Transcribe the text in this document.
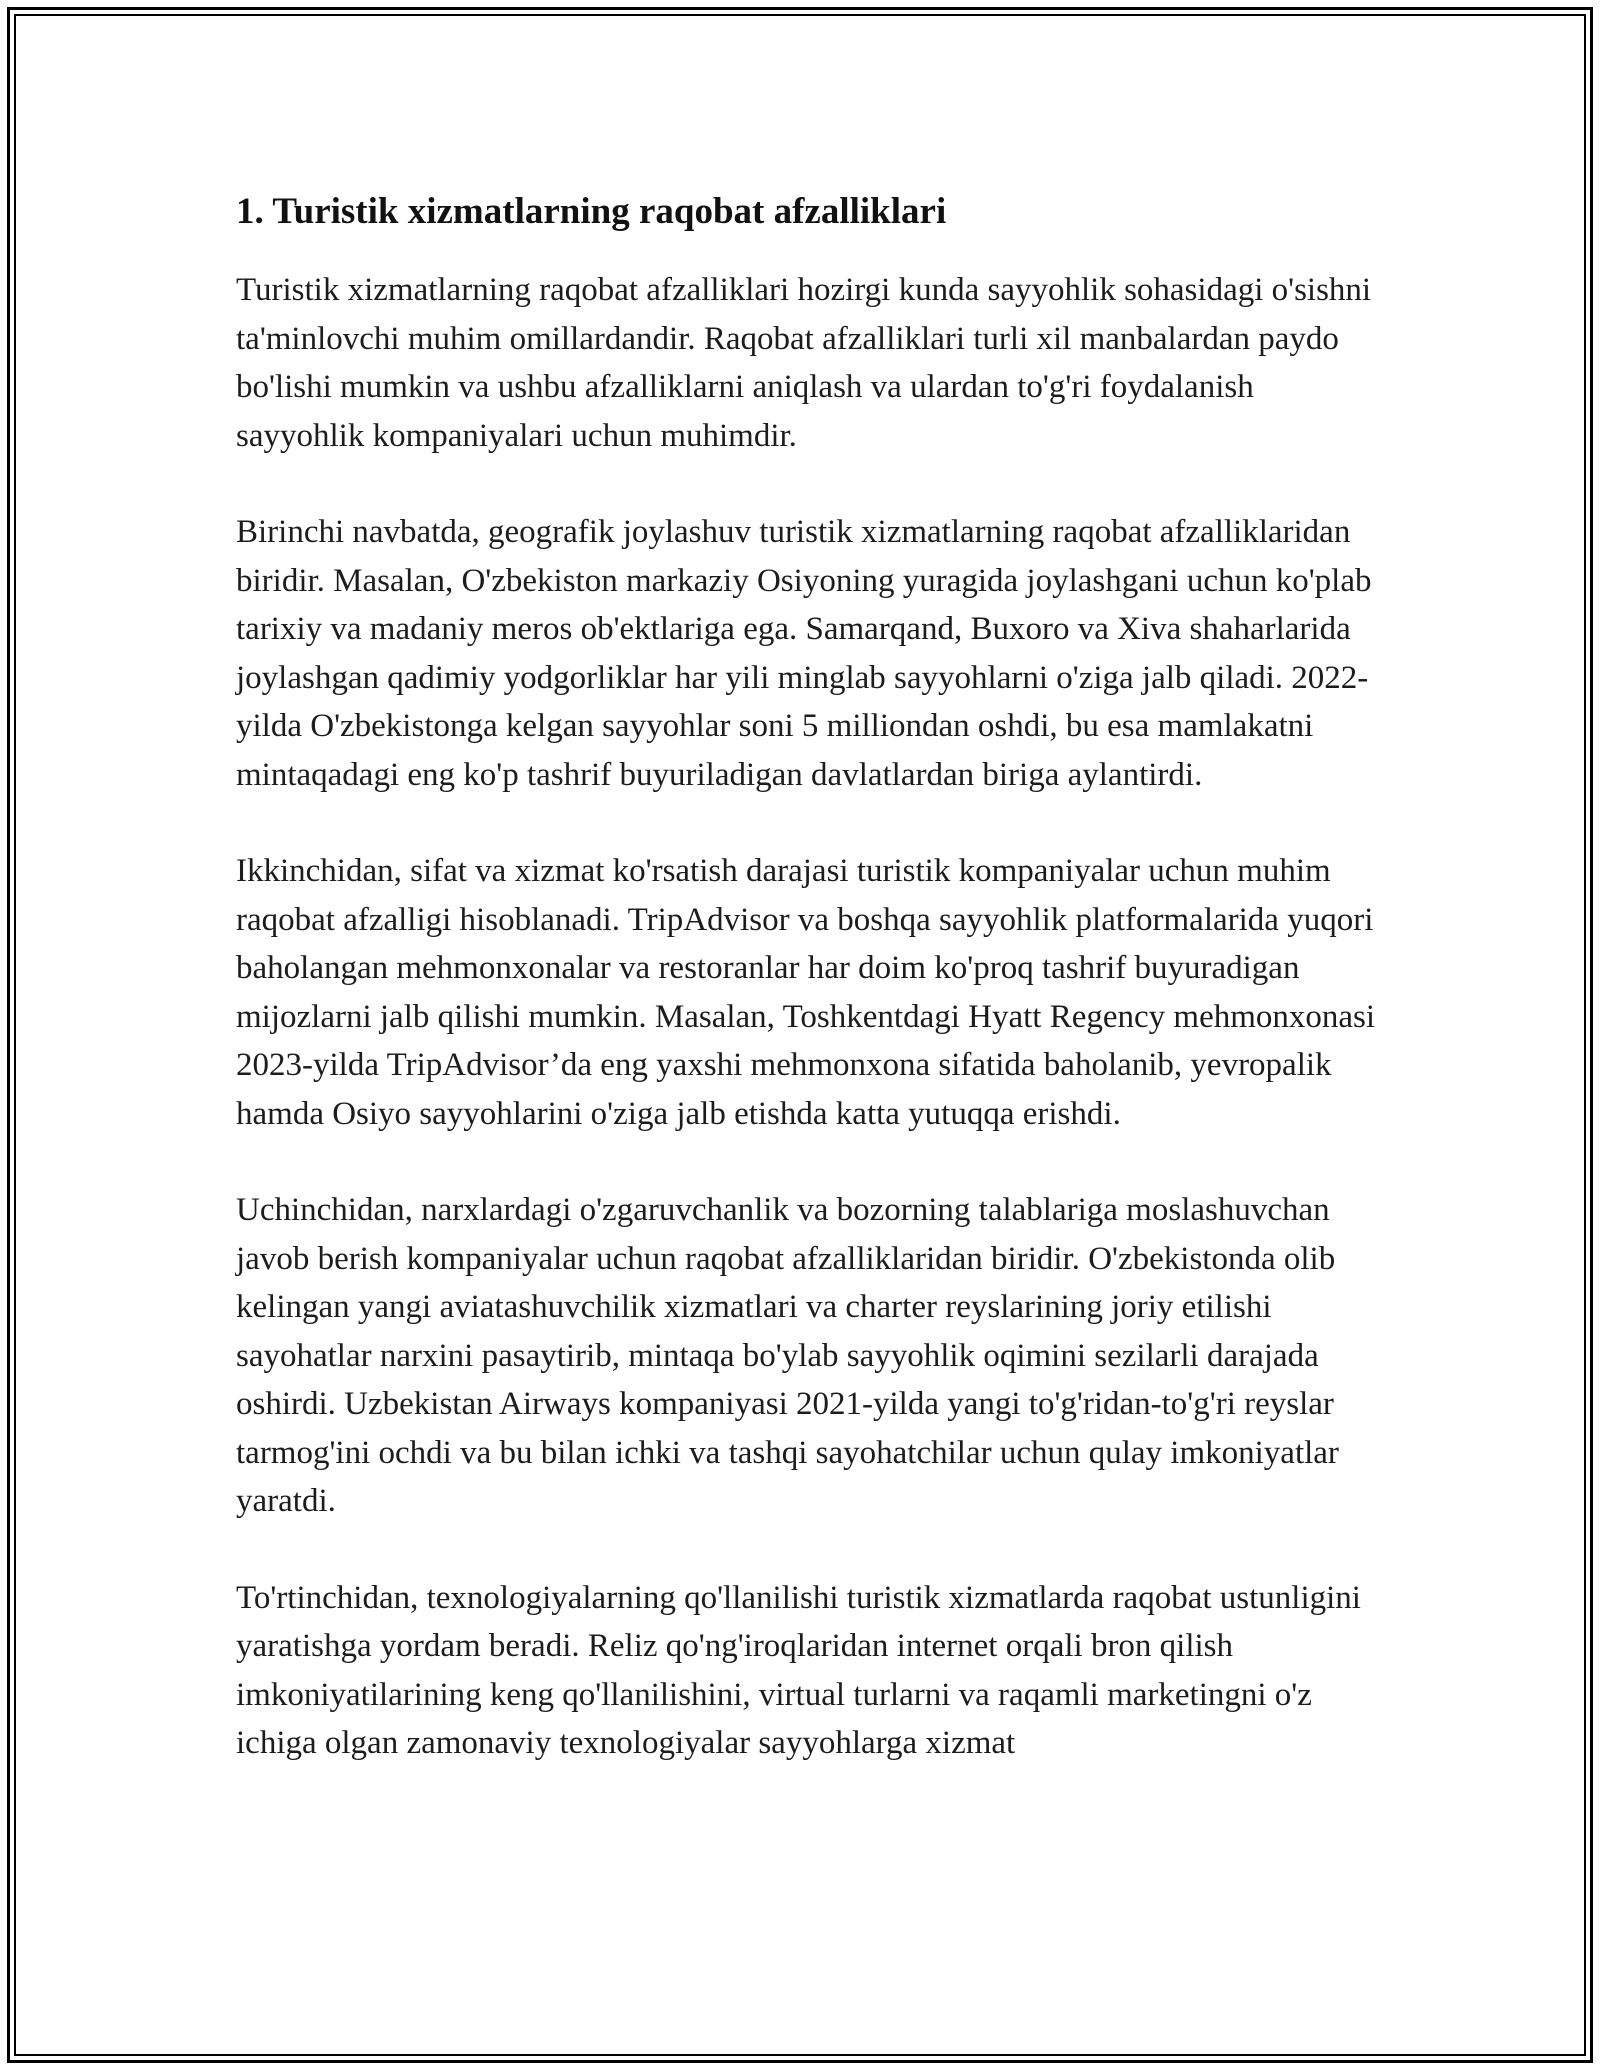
1. Turistik xizmatlarning raqobat afzalliklari

Turistik xizmatlarning raqobat afzalliklari hozirgi kunda sayyohlik sohasidagi o'sishni ta'minlovchi muhim omillardandir. Raqobat afzalliklari turli xil manbalardan paydo bo'lishi mumkin va ushbu afzalliklarni aniqlash va ulardan to'g'ri foydalanish sayyohlik kompaniyalari uchun muhimdir.

Birinchi navbatda, geografik joylashuv turistik xizmatlarning raqobat afzalliklaridan biridir. Masalan, O'zbekiston markaziy Osiyoning yuragida joylashgani uchun ko'plab tarixiy va madaniy meros ob'ektlariga ega. Samarqand, Buxoro va Xiva shaharlarida joylashgan qadimiy yodgorliklar har yili minglab sayyohlarni o'ziga jalb qiladi. 2022-yilda O'zbekistonga kelgan sayyohlar soni 5 milliondan oshdi, bu esa mamlakatni mintaqadagi eng ko'p tashrif buyuriladigan davlatlardan biriga aylantirdi.

Ikkinchidan, sifat va xizmat ko'rsatish darajasi turistik kompaniyalar uchun muhim raqobat afzalligi hisoblanadi. TripAdvisor va boshqa sayyohlik platformalarida yuqori baholangan mehmonxonalar va restoranlar har doim ko'proq tashrif buyuradigan mijozlarni jalb qilishi mumkin. Masalan, Toshkentdagi Hyatt Regency mehmonxonasi 2023-yilda TripAdvisor’da eng yaxshi mehmonxona sifatida baholanib, yevropalik hamda Osiyo sayyohlarini o'ziga jalb etishda katta yutuqqa erishdi.

Uchinchidan, narxlardagi o'zgaruvchanlik va bozorning talablariga moslashuvchan javob berish kompaniyalar uchun raqobat afzalliklaridan biridir. O'zbekistonda olib kelingan yangi aviatashuvchilik xizmatlari va charter reyslarining joriy etilishi sayohatlar narxini pasaytirib, mintaqa bo'ylab sayyohlik oqimini sezilarli darajada oshirdi. Uzbekistan Airways kompaniyasi 2021-yilda yangi to'g'ridan-to'g'ri reyslar tarmog'ini ochdi va bu bilan ichki va tashqi sayohatchilar uchun qulay imkoniyatlar yaratdi.

To'rtinchidan, texnologiyalarning qo'llanilishi turistik xizmatlarda raqobat ustunligini yaratishga yordam beradi. Reliz qo'ng'iroqlaridan internet orqali bron qilish imkoniyatilarining keng qo'llanilishini, virtual turlarni va raqamli marketingni o'z ichiga olgan zamonaviy texnologiyalar sayyohlarga xizmat
